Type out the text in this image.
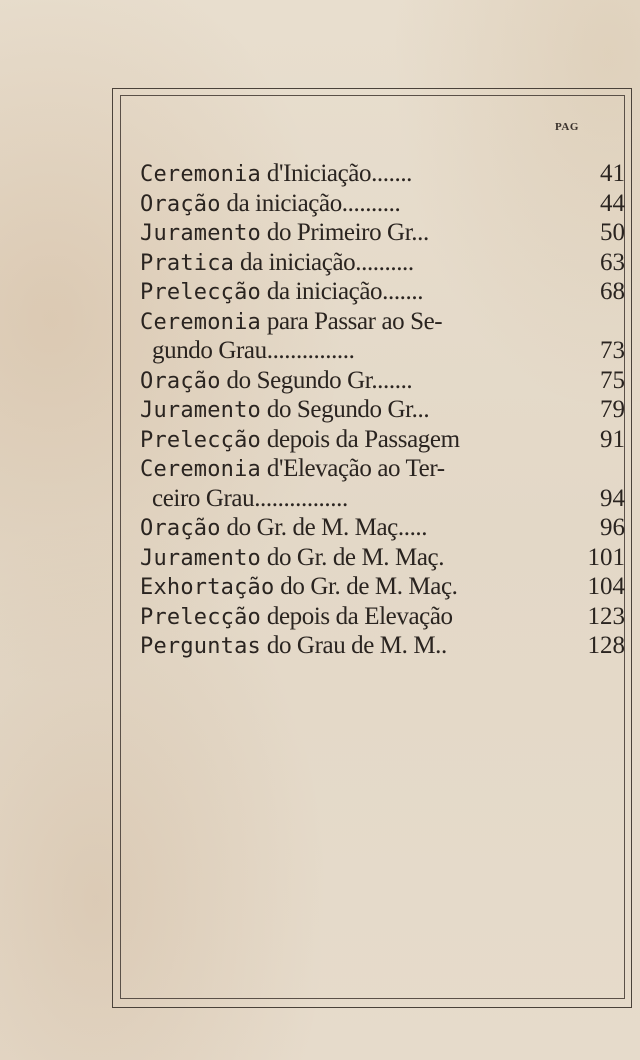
PAG
Ceremonia d'Iniciação.......	41
Oração da iniciação..........	44
Juramento do Primeiro Gr...	50
Pratica da iniciação..........	63
Prelecção da iniciação.......	68
Ceremonia para Passar ao Se-
gundo Grau...............	73
Oração do Segundo Gr.......	75
Juramento do Segundo Gr...	79
Prelecção depois da Passagem	91
Ceremonia d'Elevação ao Ter-
ceiro Grau................	94
Oração do Gr. de M. Maç.....	96
Juramento do Gr. de M. Maç.	101
Exhortação do Gr. de M. Maç.	104
Prelecção depois da Elevação	123
Perguntas do Grau de M. M..	128
